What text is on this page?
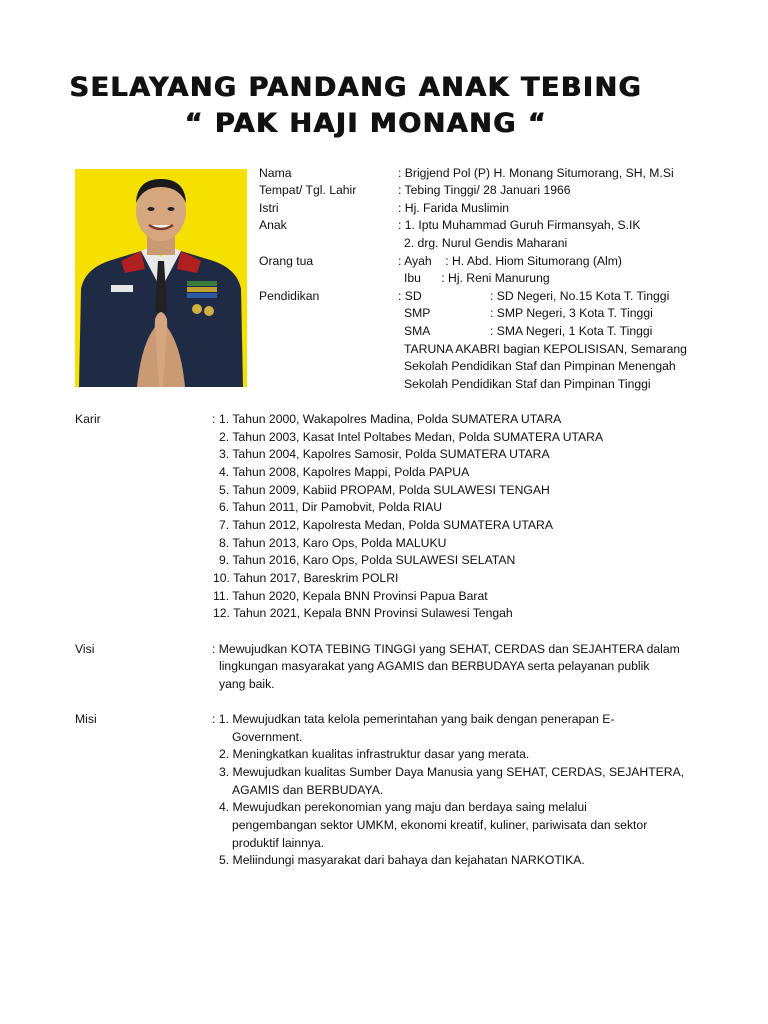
SELAYANG PANDANG ANAK TEBING
“ PAK HAJI MONANG “
Nama	: Brigjend Pol (P) H. Monang Situmorang, SH, M.Si
Tempat/ Tgl. Lahir	: Tebing Tinggi/ 28 Januari 1966
Istri	: Hj. Farida Muslimin
Anak	: 1. Iptu Muhammad Guruh Firmansyah, S.IK
2. drg. Nurul Gendis Maharani
Orang tua	: Ayah    : H. Abd. Hiom Situmorang (Alm)
Ibu      : Hj. Reni Manurung
Pendidikan	: SD	: SD Negeri, No.15 Kota T. Tinggi
SMP	: SMP Negeri, 3 Kota T. Tinggi
SMA	: SMA Negeri, 1 Kota T. Tinggi
TARUNA AKABRI bagian KEPOLISISAN, Semarang
Sekolah Pendidikan Staf dan Pimpinan Menengah
Sekolah Pendidikan Staf dan Pimpinan Tinggi
Karir	: 1. Tahun 2000, Wakapolres Madina, Polda SUMATERA UTARA
2. Tahun 2003, Kasat Intel Poltabes Medan, Polda SUMATERA UTARA
3. Tahun 2004, Kapolres Samosir, Polda SUMATERA UTARA
4. Tahun 2008, Kapolres Mappi, Polda PAPUA
5. Tahun 2009, Kabiid PROPAM, Polda SULAWESI TENGAH
6. Tahun 2011, Dir Pamobvit, Polda RIAU
7. Tahun 2012, Kapolresta Medan, Polda SUMATERA UTARA
8. Tahun 2013, Karo Ops, Polda MALUKU
9. Tahun 2016, Karo Ops, Polda SULAWESI SELATAN
10. Tahun 2017, Bareskrim POLRI
11. Tahun 2020, Kepala BNN Provinsi Papua Barat
12. Tahun 2021, Kepala BNN Provinsi Sulawesi Tengah
Visi	: Mewujudkan KOTA TEBING TINGGI yang SEHAT, CERDAS dan SEJAHTERA dalam
lingkungan masyarakat yang AGAMIS dan BERBUDAYA serta pelayanan publik
yang baik.
Misi	: 1. Mewujudkan tata kelola pemerintahan yang baik dengan penerapan E-
Government.
2. Meningkatkan kualitas infrastruktur dasar yang merata.
3. Mewujudkan kualitas Sumber Daya Manusia yang SEHAT, CERDAS, SEJAHTERA,
AGAMIS dan BERBUDAYA.
4. Mewujudkan perekonomian yang maju dan berdaya saing melalui
pengembangan sektor UMKM, ekonomi kreatif, kuliner, pariwisata dan sektor
produktif lainnya.
5. Meliindungi masyarakat dari bahaya dan kejahatan NARKOTIKA.
